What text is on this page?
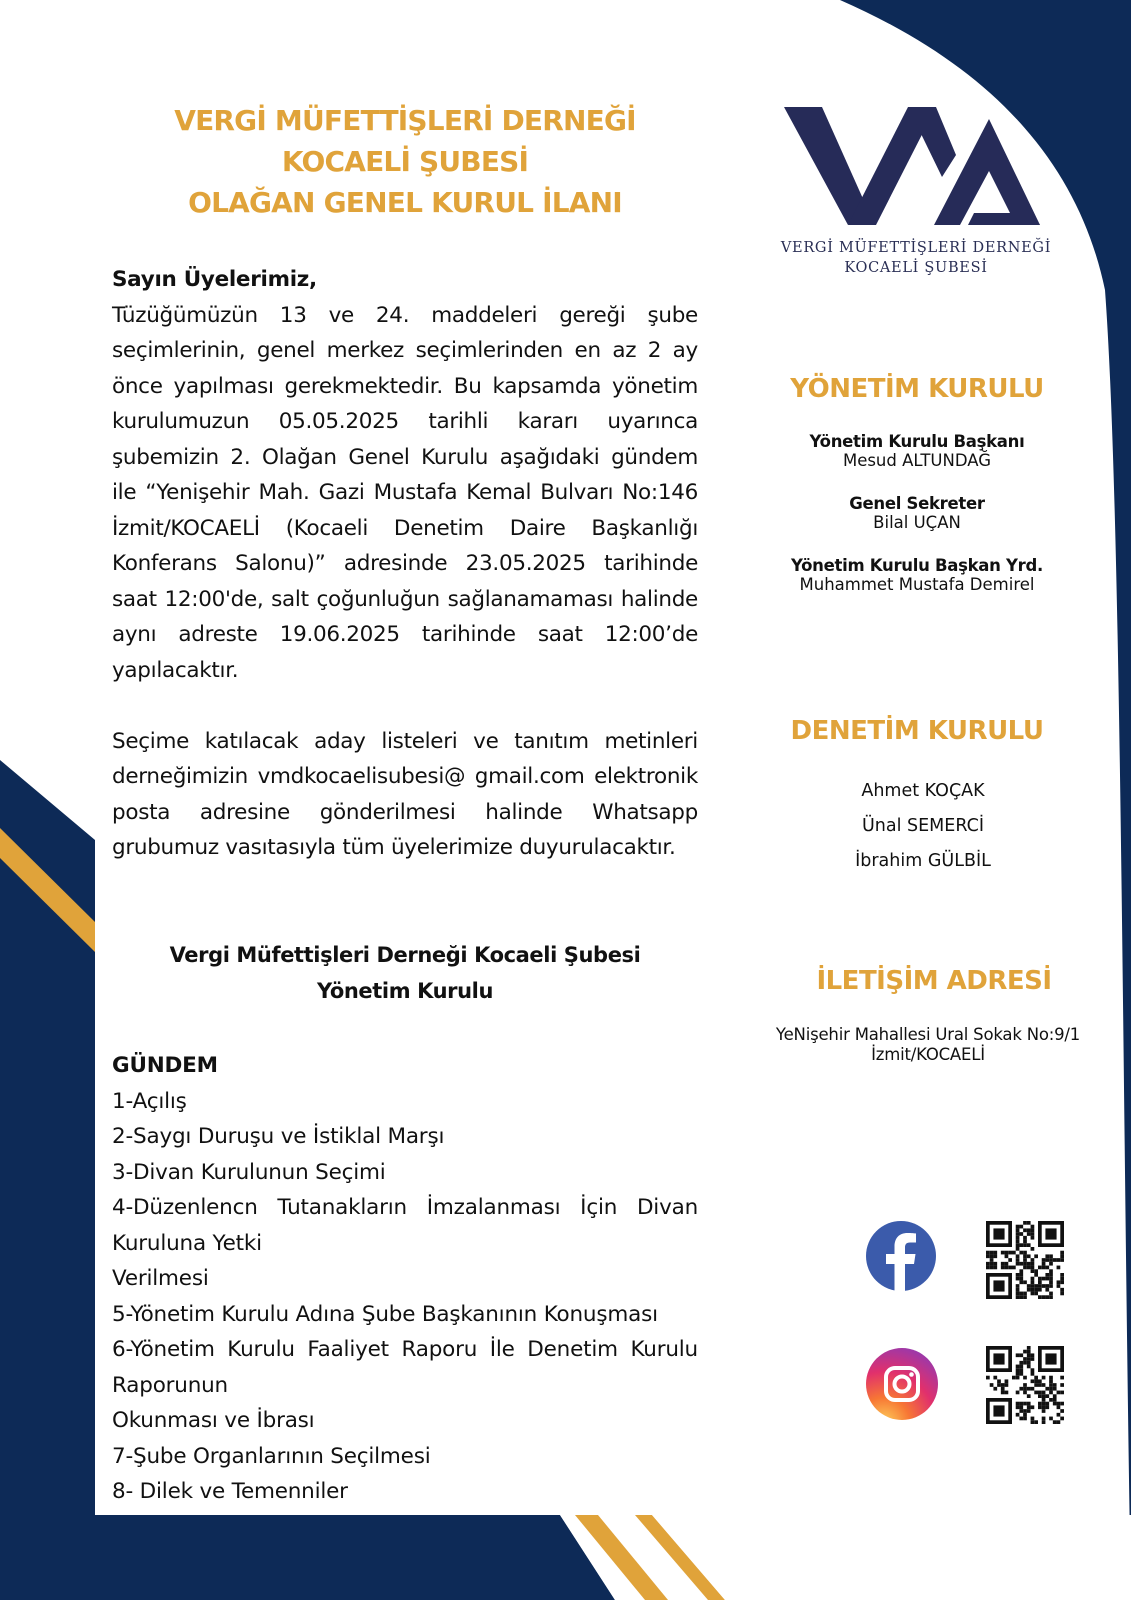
VERGİ MÜFETTİŞLERİ DERNEĞİ
KOCAELİ ŞUBESİ
OLAĞAN GENEL KURUL İLANI
VERGİ MÜFETTİŞLERİ DERNEĞİ
KOCAELİ ŞUBESİ
Sayın Üyelerimiz,

Tüzüğümüzün 13 ve 24. maddeleri gereği şube seçimlerinin, genel merkez seçimlerinden en az 2 ay önce yapılması gerekmektedir. Bu kapsamda yönetim kurulumuzun 05.05.2025 tarihli kararı uyarınca şubemizin 2. Olağan Genel Kurulu aşağıdaki gündem ile “Yenişehir Mah. Gazi Mustafa Kemal Bulvarı No:146 İzmit/KOCAELİ (Kocaeli Denetim Daire Başkanlığı Konferans Salonu)” adresinde 23.05.2025 tarihinde saat 12:00'de, salt çoğunluğun sağlanamaması halinde aynı adreste 19.06.2025 tarihinde saat 12:00’de yapılacaktır.

Seçime katılacak aday listeleri ve tanıtım metinleri derneğimizin vmdkocaelisubesi@ gmail.com elektronik posta adresine gönderilmesi halinde Whatsapp grubumuz vasıtasıyla tüm üyelerimize duyurulacaktır.

Vergi Müfettişleri Derneği Kocaeli Şubesi
Yönetim Kurulu
GÜNDEM
1-Açılış
2-Saygı Duruşu ve İstiklal Marşı
3-Divan Kurulunun Seçimi
4-Düzenlencn Tutanakların İmzalanması İçin Divan Kuruluna Yetki
Verilmesi
5-Yönetim Kurulu Adına Şube Başkanının Konuşması
6-Yönetim Kurulu Faaliyet Raporu İle Denetim Kurulu Raporunun
Okunması ve İbrası
7-Şube Organlarının Seçilmesi
8- Dilek ve Temenniler
YÖNETİM KURULU
Yönetim Kurulu Başkanı
Mesud ALTUNDAĞ
Genel Sekreter
Bilal UÇAN
Yönetim Kurulu Başkan Yrd.
Muhammet Mustafa Demirel
DENETİM KURULU
Ahmet KOÇAK
Ünal SEMERCİ
İbrahim GÜLBİL
İLETİŞİM ADRESİ
YeNişehir Mahallesi Ural Sokak No:9/1
İzmit/KOCAELİ
